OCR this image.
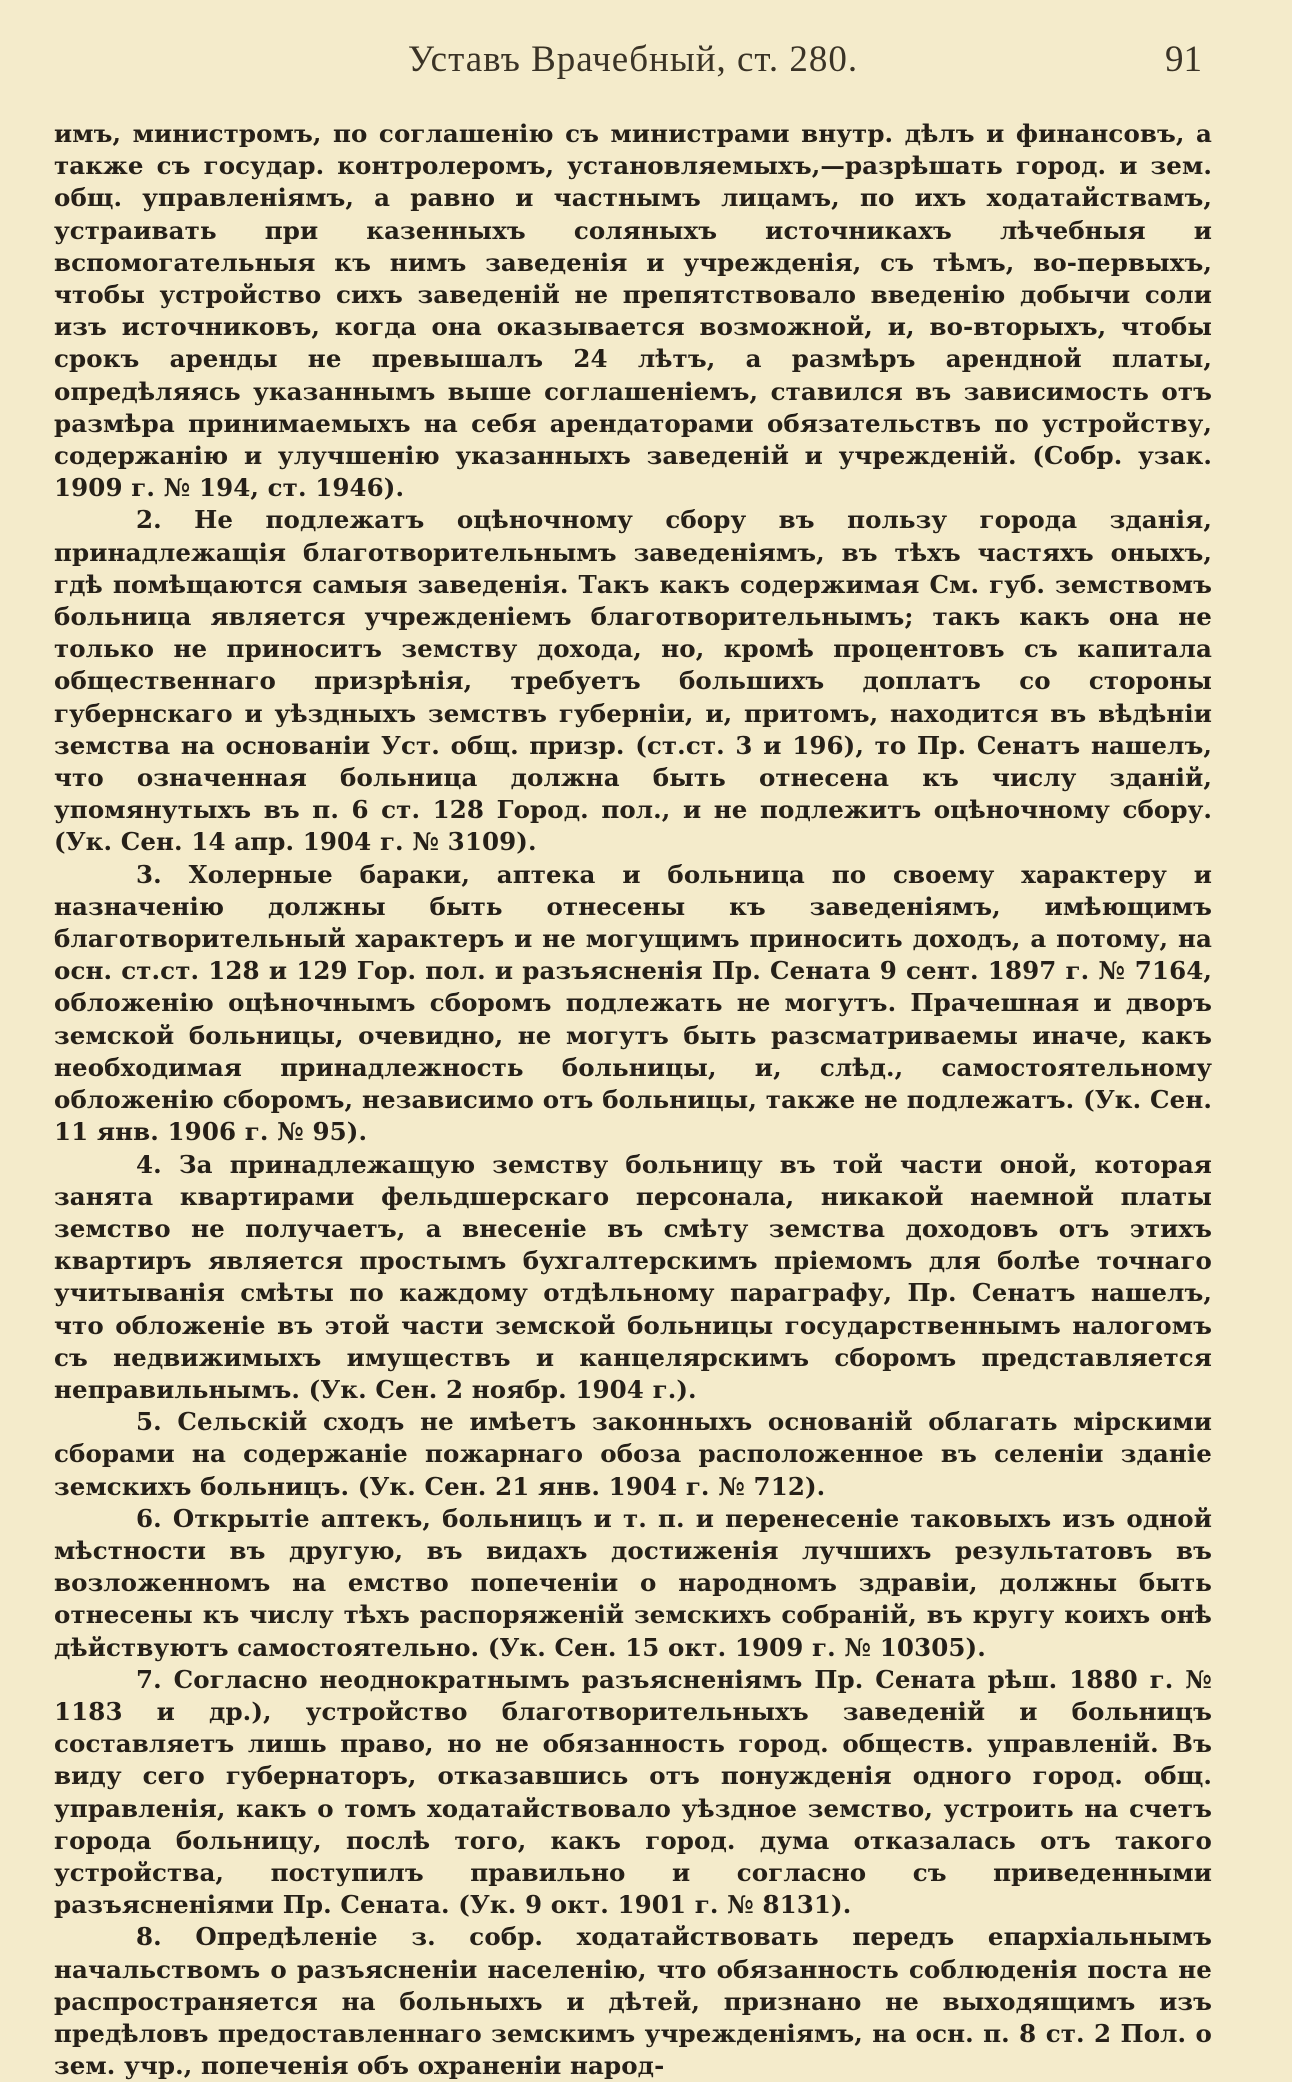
Уставъ Врачебный, ст. 280.	91

имъ, министромъ, по соглашенію съ министрами внутр. дѣлъ и финансовъ, а также съ государ. контролеромъ, установляемыхъ,—разрѣшать город. и зем. общ. управленіямъ, а равно и частнымъ лицамъ, по ихъ ходатайствамъ, устраивать при казенныхъ соляныхъ источникахъ лѣчебныя и вспомогательныя къ нимъ заведенія и учрежденія, съ тѣмъ, во-первыхъ, чтобы устройство сихъ заведеній не препятствовало введенію добычи соли изъ источниковъ, когда она оказывается возможной, и, во-вторыхъ, чтобы срокъ аренды не превышалъ 24 лѣтъ, а размѣръ арендной платы, опредѣляясь указаннымъ выше соглашеніемъ, ставился въ зависимость отъ размѣра принимаемыхъ на себя арендаторами обязательствъ по устройству, содержанію и улучшенію указанныхъ заведеній и учрежденій. (Собр. узак. 1909 г. № 194, ст. 1946).

2. Не подлежатъ оцѣночному сбору въ пользу города зданія, принадлежащія благотворительнымъ заведеніямъ, въ тѣхъ частяхъ оныхъ, гдѣ помѣщаются самыя заведенія. Такъ какъ содержимая См. губ. земствомъ больница является учрежденіемъ благотворительнымъ; такъ какъ она не только не приноситъ земству дохода, но, кромѣ процентовъ съ капитала общественнаго призрѣнія, требуетъ большихъ доплатъ со стороны губернскаго и уѣздныхъ земствъ губерніи, и, притомъ, находится въ вѣдѣніи земства на основаніи Уст. общ. призр. (ст.ст. 3 и 196), то Пр. Сенатъ нашелъ, что означенная больница должна быть отнесена къ числу зданій, упомянутыхъ въ п. 6 ст. 128 Город. пол., и не подлежитъ оцѣночному сбору. (Ук. Сен. 14 апр. 1904 г. № 3109).

3. Холерные бараки, аптека и больница по своему характеру и назначенію должны быть отнесены къ заведеніямъ, имѣющимъ благотворительный характеръ и не могущимъ приносить доходъ, а потому, на осн. ст.ст. 128 и 129 Гор. пол. и разъясненія Пр. Сената 9 сент. 1897 г. № 7164, обложенію оцѣночнымъ сборомъ подлежать не могутъ. Прачешная и дворъ земской больницы, очевидно, не могутъ быть разсматриваемы иначе, какъ необходимая принадлежность больницы, и, слѣд., самостоятельному обложенію сборомъ, независимо отъ больницы, также не подлежатъ. (Ук. Сен. 11 янв. 1906 г. № 95).

4. За принадлежащую земству больницу въ той части оной, которая занята квартирами фельдшерскаго персонала, никакой наемной платы земство не получаетъ, а внесеніе въ смѣту земства доходовъ отъ этихъ квартиръ является простымъ бухгалтерскимъ пріемомъ для болѣе точнаго учитыванія смѣты по каждому отдѣльному параграфу, Пр. Сенатъ нашелъ, что обложеніе въ этой части земской больницы государственнымъ налогомъ съ недвижимыхъ имуществъ и канцелярскимъ сборомъ представляется неправильнымъ. (Ук. Сен. 2 ноябр. 1904 г.).

5. Сельскій сходъ не имѣетъ законныхъ основаній облагать мірскими сборами на содержаніе пожарнаго обоза расположенное въ селеніи зданіе земскихъ больницъ. (Ук. Сен. 21 янв. 1904 г. № 712).

6. Открытіе аптекъ, больницъ и т. п. и перенесеніе таковыхъ изъ одной мѣстности въ другую, въ видахъ достиженія лучшихъ результатовъ въ возложенномъ на емство попеченіи о народномъ здравіи, должны быть отнесены къ числу тѣхъ распоряженій земскихъ собраній, въ кругу коихъ онѣ дѣйствуютъ самостоятельно. (Ук. Сен. 15 окт. 1909 г. № 10305).

7. Согласно неоднократнымъ разъясненіямъ Пр. Сената рѣш. 1880 г. № 1183 и др.), устройство благотворительныхъ заведеній и больницъ составляетъ лишь право, но не обязанность город. обществ. управленій. Въ виду сего губернаторъ, отказавшись отъ понужденія одного город. общ. управленія, какъ о томъ ходатайствовало уѣздное земство, устроить на счетъ города больницу, послѣ того, какъ город. дума отказалась отъ такого устройства, поступилъ правильно и согласно съ приведенными разъясненіями Пр. Сената. (Ук. 9 окт. 1901 г. № 8131).

8. Опредѣленіе з. собр. ходатайствовать передъ епархіальнымъ начальствомъ о разъясненіи населенію, что обязанность соблюденія поста не распространяется на больныхъ и дѣтей, признано не выходящимъ изъ предѣловъ предоставленнаго земскимъ учрежденіямъ, на осн. п. 8 ст. 2 Пол. о зем. учр., попеченія объ охраненіи народ-
